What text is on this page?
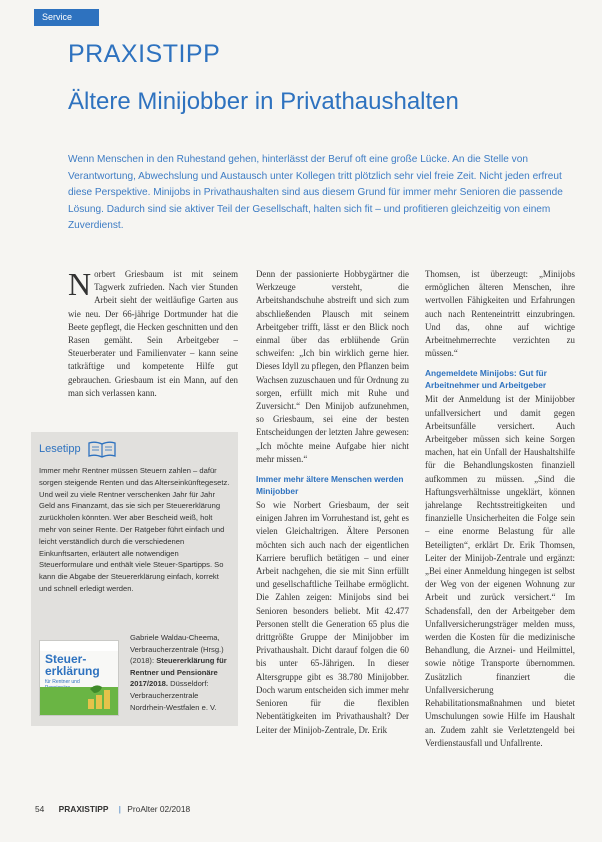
Service
PRAXISTIPP
Ältere Minijobber in Privathaushalten
Wenn Menschen in den Ruhestand gehen, hinterlässt der Beruf oft eine große Lücke. An die Stelle von Verantwortung, Abwechslung und Austausch unter Kollegen tritt plötzlich sehr viel freie Zeit. Nicht jeden erfreut diese Perspektive. Minijobs in Privathaushalten sind aus diesem Grund für immer mehr Senioren die passende Lösung. Dadurch sind sie aktiver Teil der Gesellschaft, halten sich fit – und profitieren gleichzeitig von einem Zuverdienst.
N orbert Griesbaum ist mit seinem Tagwerk zufrieden. Nach vier Stunden Arbeit sieht der weitläufige Garten aus wie neu. Der 66-jährige Dortmunder hat die Beete gepflegt, die Hecken geschnitten und den Rasen gemäht. Sein Arbeitgeber – Steuerberater und Familienvater – kann seine tatkräftige und kompetente Hilfe gut gebrauchen. Griesbaum ist ein Mann, auf den man sich verlassen kann.

Denn der passionierte Hobbygärtner die Werkzeuge versteht, die Arbeitshandschuhe abstreift und sich zum abschließenden Plausch mit seinem Arbeitgeber trifft, lässt er den Blick noch einmal über das erblühende Grün schweifen: „Ich bin wirklich gerne hier. Dieses Idyll zu pflegen, den Pflanzen beim Wachsen zuzuschauen und für Ordnung zu sorgen, erfüllt mich mit Ruhe und Zuversicht.“ Den Minijob aufzunehmen, so Griesbaum, sei eine der besten Entscheidungen der letzten Jahre gewesen: „Ich möchte meine Aufgabe hier nicht mehr missen.“

Immer mehr ältere Menschen werden Minijobber

So wie Norbert Griesbaum, der seit einigen Jahren im Vorruhestand ist, geht es vielen Gleichaltrigen. Ältere Personen möchten sich auch nach der eigentlichen Karriere beruflich betätigen – und einer Arbeit nachgehen, die sie mit Sinn erfüllt und gesellschaftliche Teilhabe ermöglicht. Die Zahlen zeigen: Minijobs sind bei Senioren besonders beliebt. Mit 42.477 Personen stellt die Generation 65 plus die drittgrößte Gruppe der Minijobber im Privathaushalt. Dicht darauf folgen die 60 bis unter 65-Jährigen. In dieser Altersgruppe gibt es 38.780 Minijobber. Doch warum entscheiden sich immer mehr Senioren für die flexiblen Nebentätigkeiten im Privathaushalt? Der Leiter der Minijob-Zentrale, Dr. Erik

Thomsen, ist überzeugt: „Minijobs ermöglichen älteren Menschen, ihre wertvollen Fähigkeiten und Erfahrungen auch nach Renteneintritt einzubringen. Und das, ohne auf wichtige Arbeitnehmerrechte verzichten zu müssen.“

Angemeldete Minijobs: Gut für Arbeitnehmer und Arbeitgeber

Mit der Anmeldung ist der Minijobber unfallversichert und damit gegen Arbeitsunfälle versichert. Auch Arbeitgeber müssen sich keine Sorgen machen, hat ein Unfall der Haushaltshilfe für die Behandlungskosten finanziell aufkommen zu müssen. „Sind die Haftungsverhältnisse ungeklärt, können jahrelange Rechtsstreitigkeiten und finanzielle Unsicherheiten die Folge sein – eine enorme Belastung für alle Beteiligten“, erklärt Dr. Erik Thomsen, Leiter der Minijob-Zentrale und ergänzt: „Bei einer Anmeldung hingegen ist selbst der Weg von der eigenen Wohnung zur Arbeit und zurück versichert.“ Im Schadensfall, den der Arbeitgeber dem Unfallversicherungsträger melden muss, werden die Kosten für die medizinische Behandlung, die Arznei- und Heilmittel, sowie nötige Transporte übernommen. Zusätzlich finanziert die Unfallversicherung Rehabilitationsmaßnahmen und bietet Umschulungen sowie Hilfe im Haushalt an. Zudem zahlt sie Verletztengeld bei Verdienstausfall und Unfallrente.

Lesetipp
Immer mehr Rentner müssen Steuern zahlen – dafür sorgen steigende Renten und das Alterseinkünftegesetz. Und weil zu viele Rentner verschenken Jahr für Jahr Geld ans Finanzamt, das sie sich per Steuererklärung zurückholen könnten. Wer aber Bescheid weiß, holt mehr von seiner Rente. Der Ratgeber führt einfach und leicht verständlich durch die verschiedenen Einkunftsarten, erläutert alle notwendigen Steuerformulare und enthält viele Steuer-Spartipps. So kann die Abgabe der Steuererklärung einfach, korrekt und schnell erledigt werden.
Steuer-
erklärung
für Rentner und
Gabriele Waldau-Cheema, Verbraucherzentrale (Hrsg.) (2018): Steuererklärung für Rentner und Pensionäre 2017/2018. Düsseldorf: Verbraucherzentrale Nordrhein-Westfalen e. V.
54 PRAXISTIPP | ProAlter 02/2018
